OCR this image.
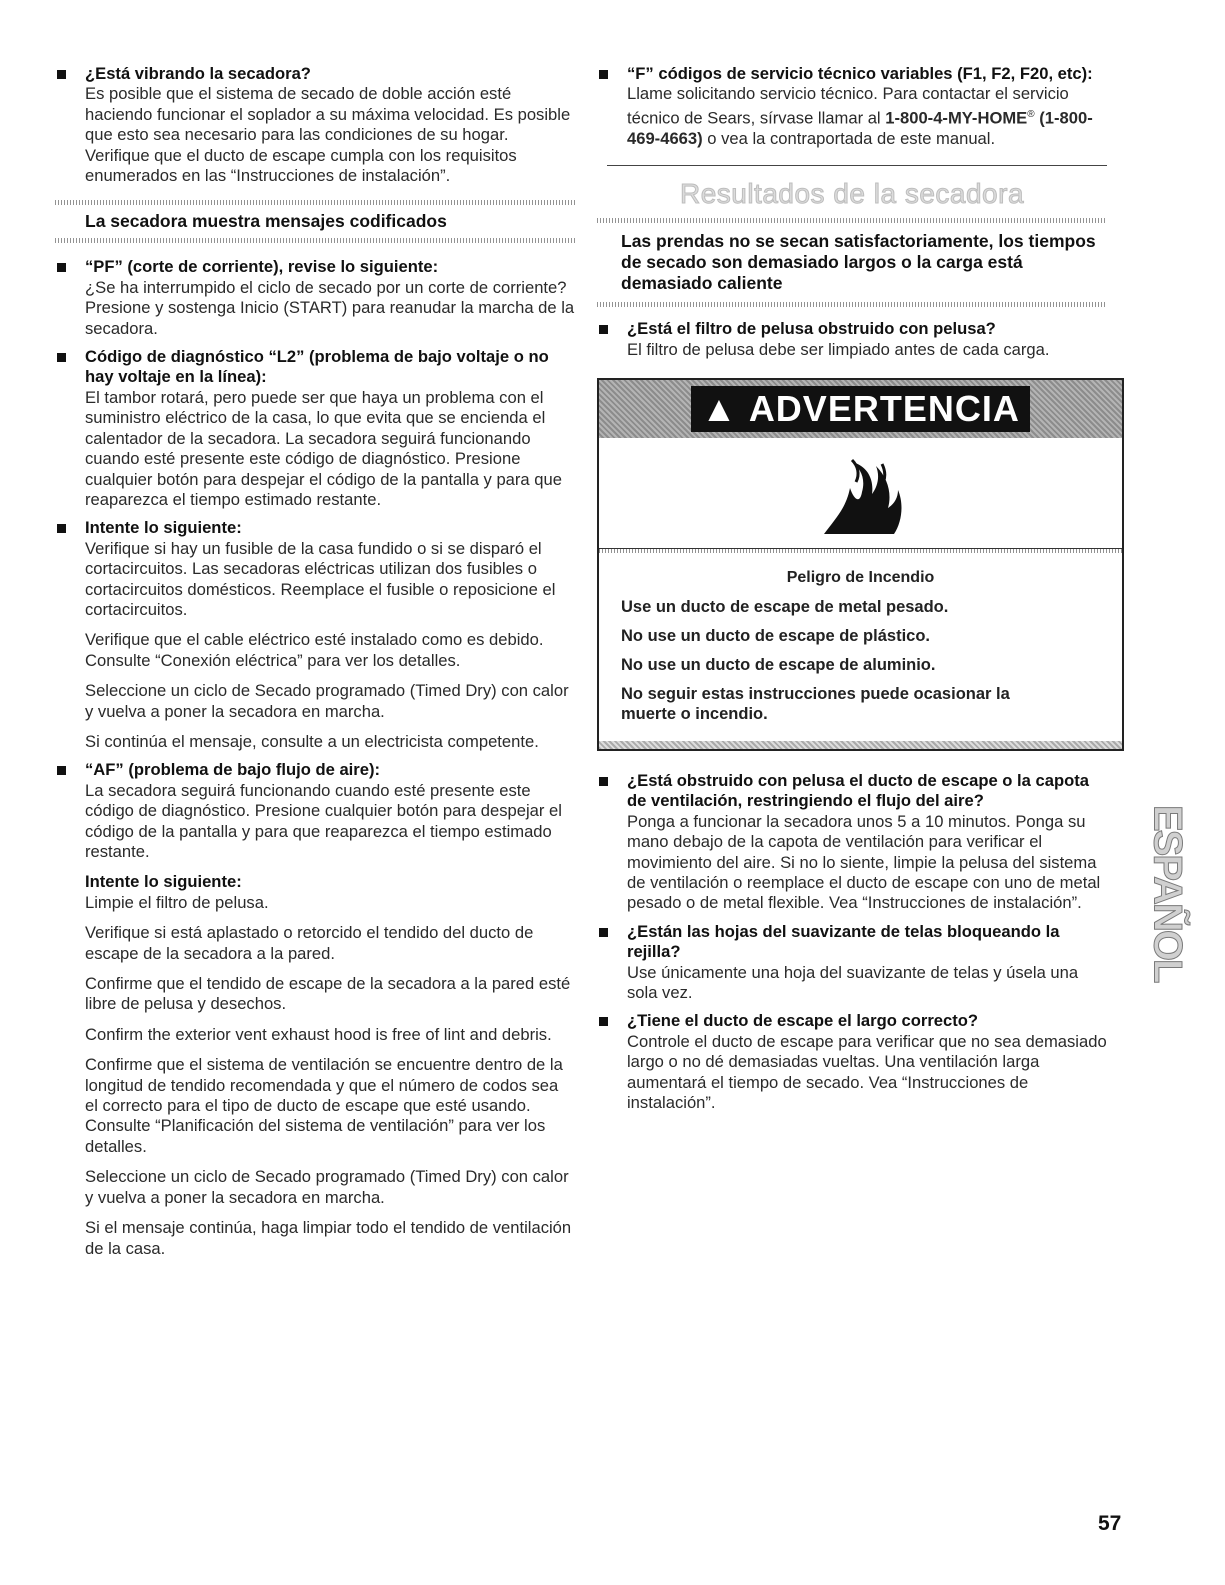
¿Está vibrando la secadora?

Es posible que el sistema de secado de doble acción esté haciendo funcionar el soplador a su máxima velocidad. Es posible que esto sea necesario para las condiciones de su hogar. Verifique que el ducto de escape cumpla con los requisitos enumerados en las “Instrucciones de instalación”.

La secadora muestra mensajes codificados

“PF” (corte de corriente), revise lo siguiente:

¿Se ha interrumpido el ciclo de secado por un corte de corriente? Presione y sostenga Inicio (START) para reanudar la marcha de la secadora.

Código de diagnóstico “L2” (problema de bajo voltaje o no hay voltaje en la línea):

El tambor rotará, pero puede ser que haya un problema con el suministro eléctrico de la casa, lo que evita que se encienda el calentador de la secadora. La secadora seguirá funcionando cuando esté presente este código de diagnóstico. Presione cualquier botón para despejar el código de la pantalla y para que reaparezca el tiempo estimado restante.

Intente lo siguiente:

Verifique si hay un fusible de la casa fundido o si se disparó el cortacircuitos. Las secadoras eléctricas utilizan dos fusibles o cortacircuitos domésticos. Reemplace el fusible o reposicione el cortacircuitos.

Verifique que el cable eléctrico esté instalado como es debido. Consulte “Conexión eléctrica” para ver los detalles.

Seleccione un ciclo de Secado programado (Timed Dry) con calor y vuelva a poner la secadora en marcha.

Si continúa el mensaje, consulte a un electricista competente.

“AF” (problema de bajo flujo de aire):

La secadora seguirá funcionando cuando esté presente este código de diagnóstico. Presione cualquier botón para despejar el código de la pantalla y para que reaparezca el tiempo estimado restante.

Intente lo siguiente:

Limpie el filtro de pelusa.

Verifique si está aplastado o retorcido el tendido del ducto de escape de la secadora a la pared.

Confirme que el tendido de escape de la secadora a la pared esté libre de pelusa y desechos.

Confirm the exterior vent exhaust hood is free of lint and debris.

Confirme que el sistema de ventilación se encuentre dentro de la longitud de tendido recomendada y que el número de codos sea el correcto para el tipo de ducto de escape que esté usando. Consulte “Planificación del sistema de ventilación” para ver los detalles.

Seleccione un ciclo de Secado programado (Timed Dry) con calor y vuelva a poner la secadora en marcha.

Si el mensaje continúa, haga limpiar todo el tendido de ventilación de la casa.

“F” códigos de servicio técnico variables (F1, F2, F20, etc):

Llame solicitando servicio técnico. Para contactar el servicio técnico de Sears, sírvase llamar al 1-800-4-MY-HOME® (1-800-469-4663) o vea la contraportada de este manual.

Resultados de la secadora
Las prendas no se secan satisfactoriamente, los tiempos de secado son demasiado largos o la carga está demasiado caliente

¿Está el filtro de pelusa obstruido con pelusa?

El filtro de pelusa debe ser limpiado antes de cada carga.

▲ ADVERTENCIA
Peligro de Incendio
Use un ducto de escape de metal pesado.
No use un ducto de escape de plástico.
No use un ducto de escape de aluminio.
No seguir estas instrucciones puede ocasionar la muerte o incendio.

¿Está obstruido con pelusa el ducto de escape o la capota de ventilación, restringiendo el flujo del aire?

Ponga a funcionar la secadora unos 5 a 10 minutos. Ponga su mano debajo de la capota de ventilación para verificar el movimiento del aire. Si no lo siente, limpie la pelusa del sistema de ventilación o reemplace el ducto de escape con uno de metal pesado o de metal flexible. Vea “Instrucciones de instalación”.

¿Están las hojas del suavizante de telas bloqueando la rejilla?

Use únicamente una hoja del suavizante de telas y úsela una sola vez.

¿Tiene el ducto de escape el largo correcto?

Controle el ducto de escape para verificar que no sea demasiado largo o no dé demasiadas vueltas. Una ventilación larga aumentará el tiempo de secado. Vea “Instrucciones de instalación”.

ESPAÑOL
57
